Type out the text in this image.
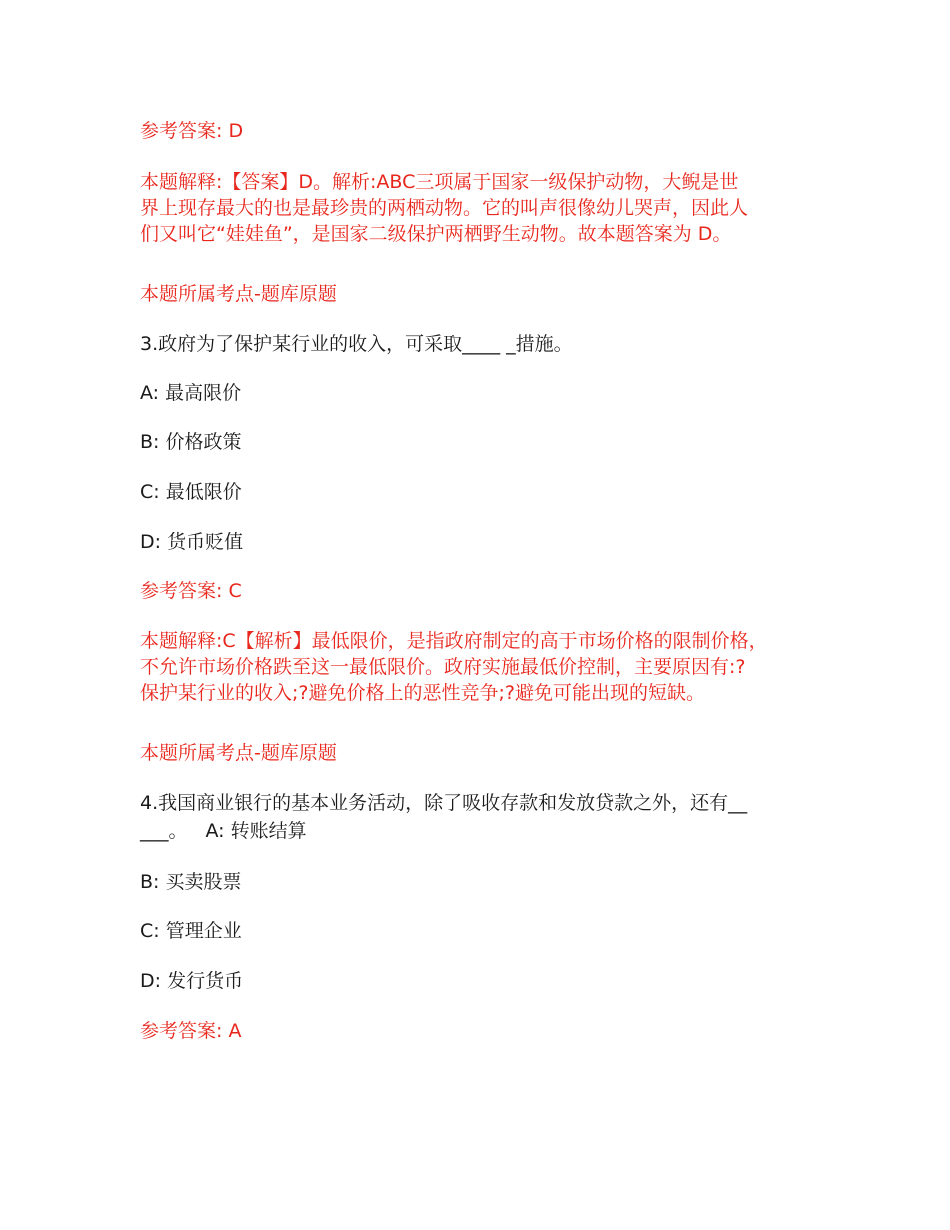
参考答案: D
本题解释:【答案】D。解析:ABC三项属于国家一级保护动物，大鲵是世
界上现存最大的也是最珍贵的两栖动物。它的叫声很像幼儿哭声，因此人
们又叫它“娃娃鱼”，是国家二级保护两栖野生动物。故本题答案为 D。
本题所属考点-题库原题
3.政府为了保护某行业的收入，可采取____ _措施。
A: 最高限价
B: 价格政策
C: 最低限价
D: 货币贬值
参考答案: C
本题解释:C【解析】最低限价，是指政府制定的高于市场价格的限制价格，
不允许市场价格跌至这一最低限价。政府实施最低价控制，主要原因有:?
保护某行业的收入;?避免价格上的恶性竞争;?避免可能出现的短缺。
本题所属考点-题库原题
4.我国商业银行的基本业务活动，除了吸收存款和发放贷款之外，还有__
___。 A: 转账结算
B: 买卖股票
C: 管理企业
D: 发行货币
参考答案: A
